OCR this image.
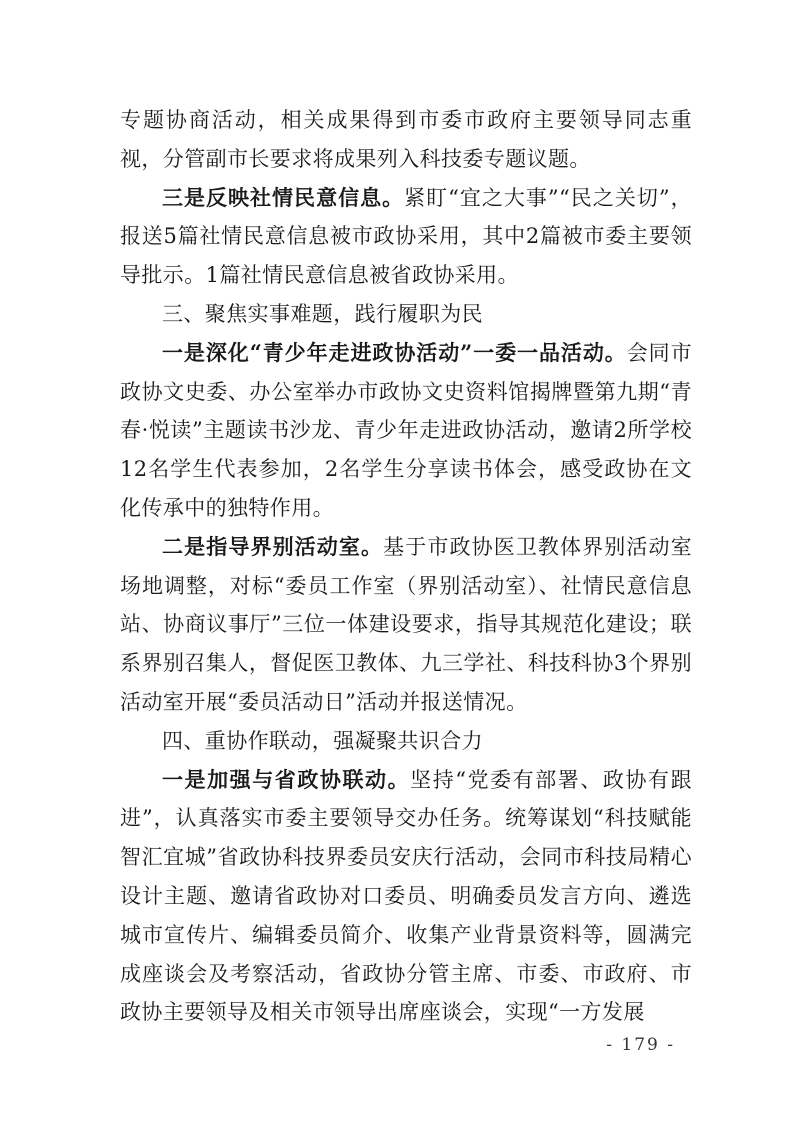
专题协商活动，相关成果得到市委市政府主要领导同志重视，分管副市长要求将成果列入科技委专题议题。

三是反映社情民意信息。紧盯“宜之大事”“民之关切”，报送5篇社情民意信息被市政协采用，其中2篇被市委主要领导批示。1篇社情民意信息被省政协采用。

三、聚焦实事难题，践行履职为民

一是深化“青少年走进政协活动”一委一品活动。会同市政协文史委、办公室举办市政协文史资料馆揭牌暨第九期“青春·悦读”主题读书沙龙、青少年走进政协活动，邀请2所学校12名学生代表参加，2名学生分享读书体会，感受政协在文化传承中的独特作用。

二是指导界别活动室。基于市政协医卫教体界别活动室场地调整，对标“委员工作室（界别活动室）、社情民意信息站、协商议事厅”三位一体建设要求，指导其规范化建设；联系界别召集人，督促医卫教体、九三学社、科技科协3个界别活动室开展“委员活动日”活动并报送情况。

四、重协作联动，强凝聚共识合力

一是加强与省政协联动。坚持“党委有部署、政协有跟进”，认真落实市委主要领导交办任务。统筹谋划“科技赋能 智汇宜城”省政协科技界委员安庆行活动，会同市科技局精心设计主题、邀请省政协对口委员、明确委员发言方向、遴选城市宣传片、编辑委员简介、收集产业背景资料等，圆满完成座谈会及考察活动，省政协分管主席、市委、市政府、市政协主要领导及相关市领导出席座谈会，实现“一方发展

- 179 -
